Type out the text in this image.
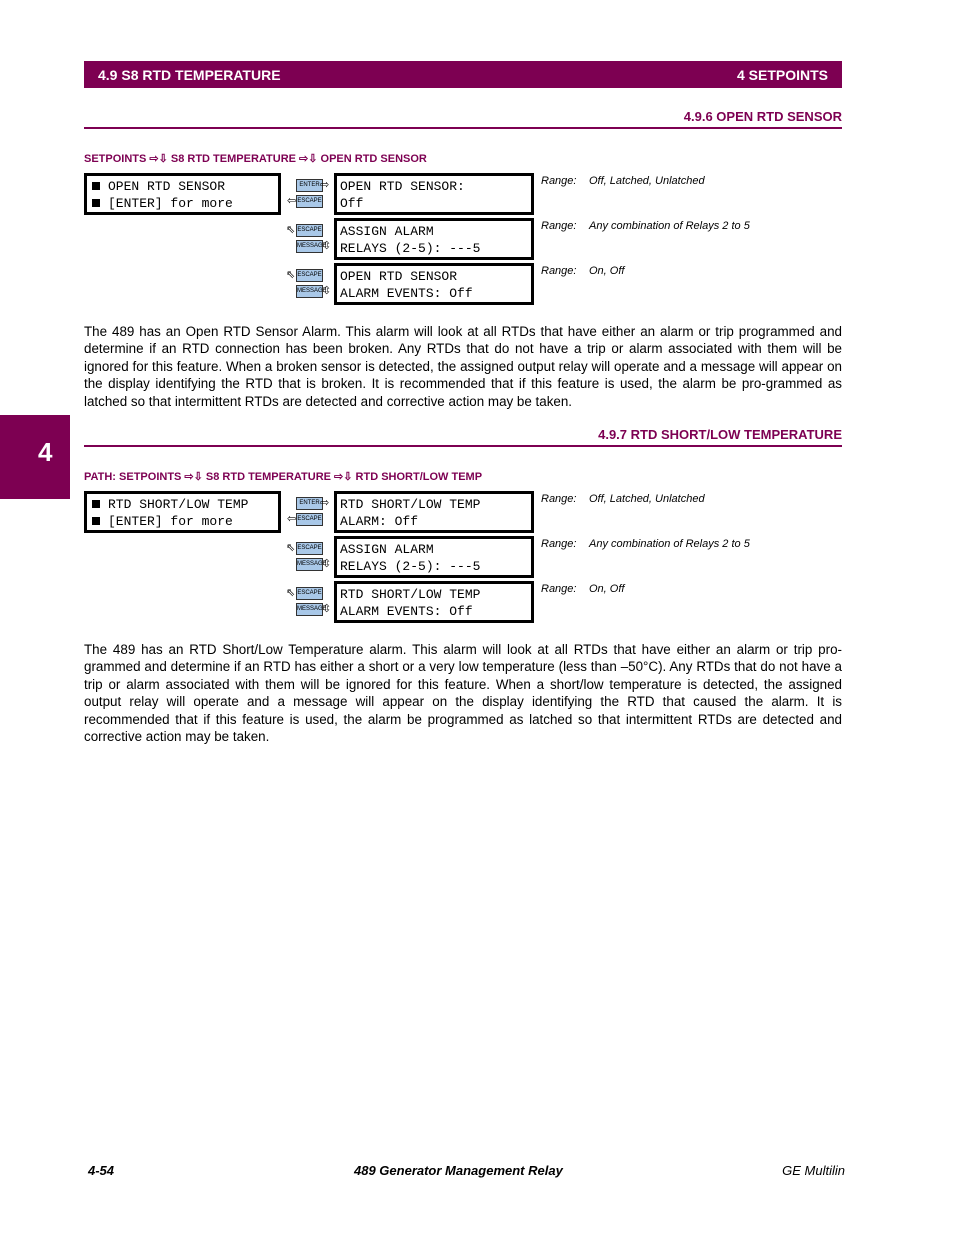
4.9 S8 RTD TEMPERATURE	4 SETPOINTS
4
4.9.6 OPEN RTD SENSOR
SETPOINTS ⇨⇩ S8 RTD TEMPERATURE ⇨⇩ OPEN RTD SENSOR
OPEN RTD SENSOR
[ENTER] for more
ENTER ⇨
⇦ ESCAPE
OPEN RTD SENSOR:
Off
Range: Off, Latched, Unlatched
⇖ ESCAPE
MESSAGE
⇳
ASSIGN ALARM
RELAYS (2-5): ---5
Range: Any combination of Relays 2 to 5
⇖ ESCAPE
MESSAGE
⇳
OPEN RTD SENSOR
ALARM EVENTS: Off
Range: On, Off
The 489 has an Open RTD Sensor Alarm. This alarm will look at all RTDs that have either an alarm or trip programmed and determine if an RTD connection has been broken. Any RTDs that do not have a trip or alarm associated with them will be ignored for this feature. When a broken sensor is detected, the assigned output relay will operate and a message will appear on the display identifying the RTD that is broken. It is recommended that if this feature is used, the alarm be pro-grammed as latched so that intermittent RTDs are detected and corrective action may be taken.
4.9.7 RTD SHORT/LOW TEMPERATURE
PATH: SETPOINTS ⇨⇩ S8 RTD TEMPERATURE ⇨⇩ RTD SHORT/LOW TEMP
RTD SHORT/LOW TEMP
[ENTER] for more
ENTER ⇨
⇦ ESCAPE
RTD SHORT/LOW TEMP
ALARM: Off
Range: Off, Latched, Unlatched
⇖ ESCAPE
MESSAGE
⇳
ASSIGN ALARM
RELAYS (2-5): ---5
Range: Any combination of Relays 2 to 5
⇖ ESCAPE
MESSAGE
⇳
RTD SHORT/LOW TEMP
ALARM EVENTS: Off
Range: On, Off
The 489 has an RTD Short/Low Temperature alarm. This alarm will look at all RTDs that have either an alarm or trip pro-grammed and determine if an RTD has either a short or a very low temperature (less than –50°C). Any RTDs that do not have a trip or alarm associated with them will be ignored for this feature. When a short/low temperature is detected, the assigned output relay will operate and a message will appear on the display identifying the RTD that caused the alarm. It is recommended that if this feature is used, the alarm be programmed as latched so that intermittent RTDs are detected and corrective action may be taken.
4-54	489 Generator Management Relay	GE Multilin
